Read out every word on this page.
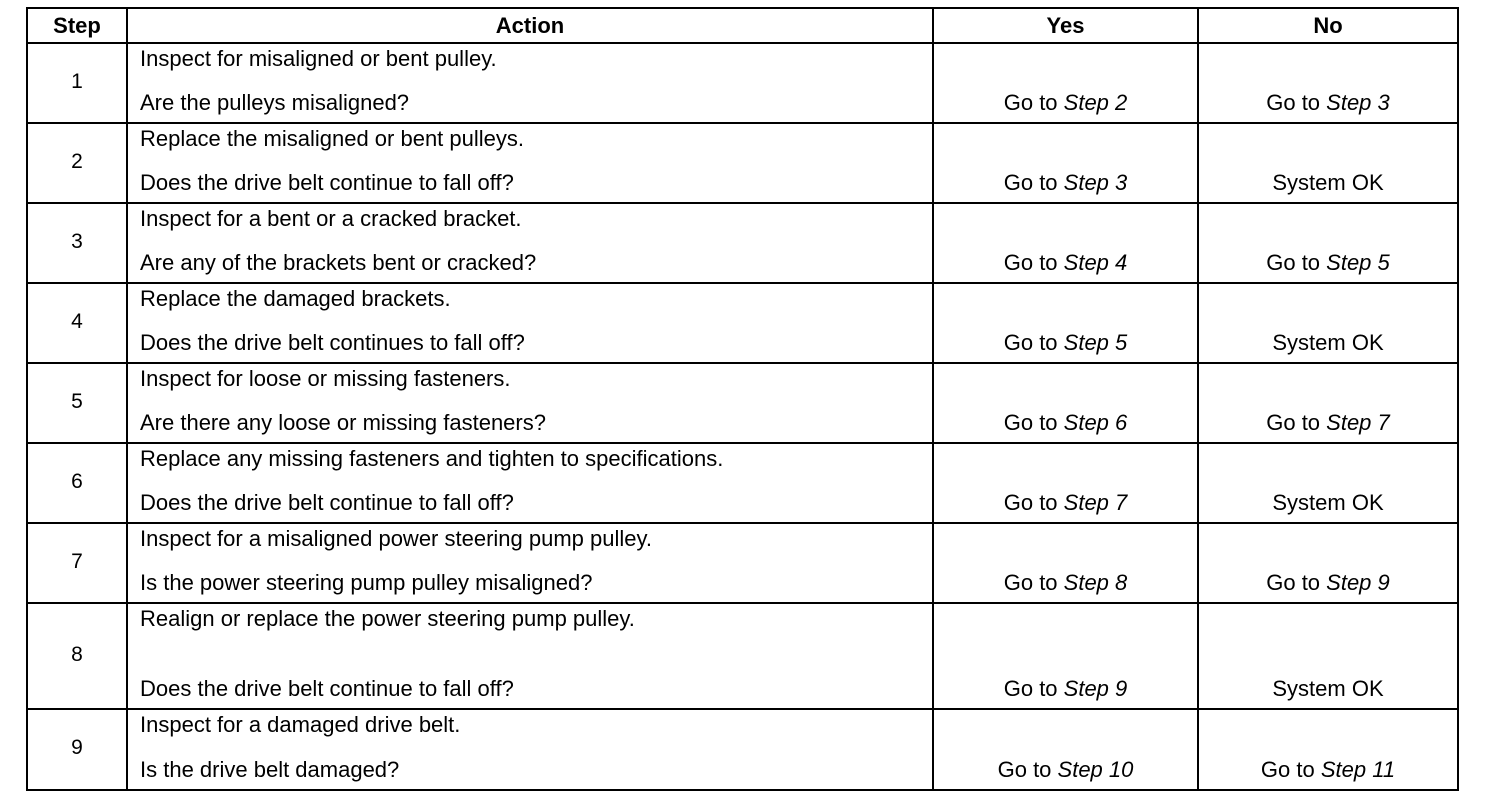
Step	Action	Yes	No
1	Inspect for misaligned or bent pulley.
Are the pulleys misaligned?	Go to Step 2	Go to Step 3
2	Replace the misaligned or bent pulleys.
Does the drive belt continue to fall off?	Go to Step 3	System OK
3	Inspect for a bent or a cracked bracket.
Are any of the brackets bent or cracked?	Go to Step 4	Go to Step 5
4	Replace the damaged brackets.
Does the drive belt continues to fall off?	Go to Step 5	System OK
5	Inspect for loose or missing fasteners.
Are there any loose or missing fasteners?	Go to Step 6	Go to Step 7
6	Replace any missing fasteners and tighten to specifications.
Does the drive belt continue to fall off?	Go to Step 7	System OK
7	Inspect for a misaligned power steering pump pulley.
Is the power steering pump pulley misaligned?	Go to Step 8	Go to Step 9
8	Realign or replace the power steering pump pulley.
Does the drive belt continue to fall off?	Go to Step 9	System OK
9	Inspect for a damaged drive belt.
Is the drive belt damaged?	Go to Step 10	Go to Step 11
